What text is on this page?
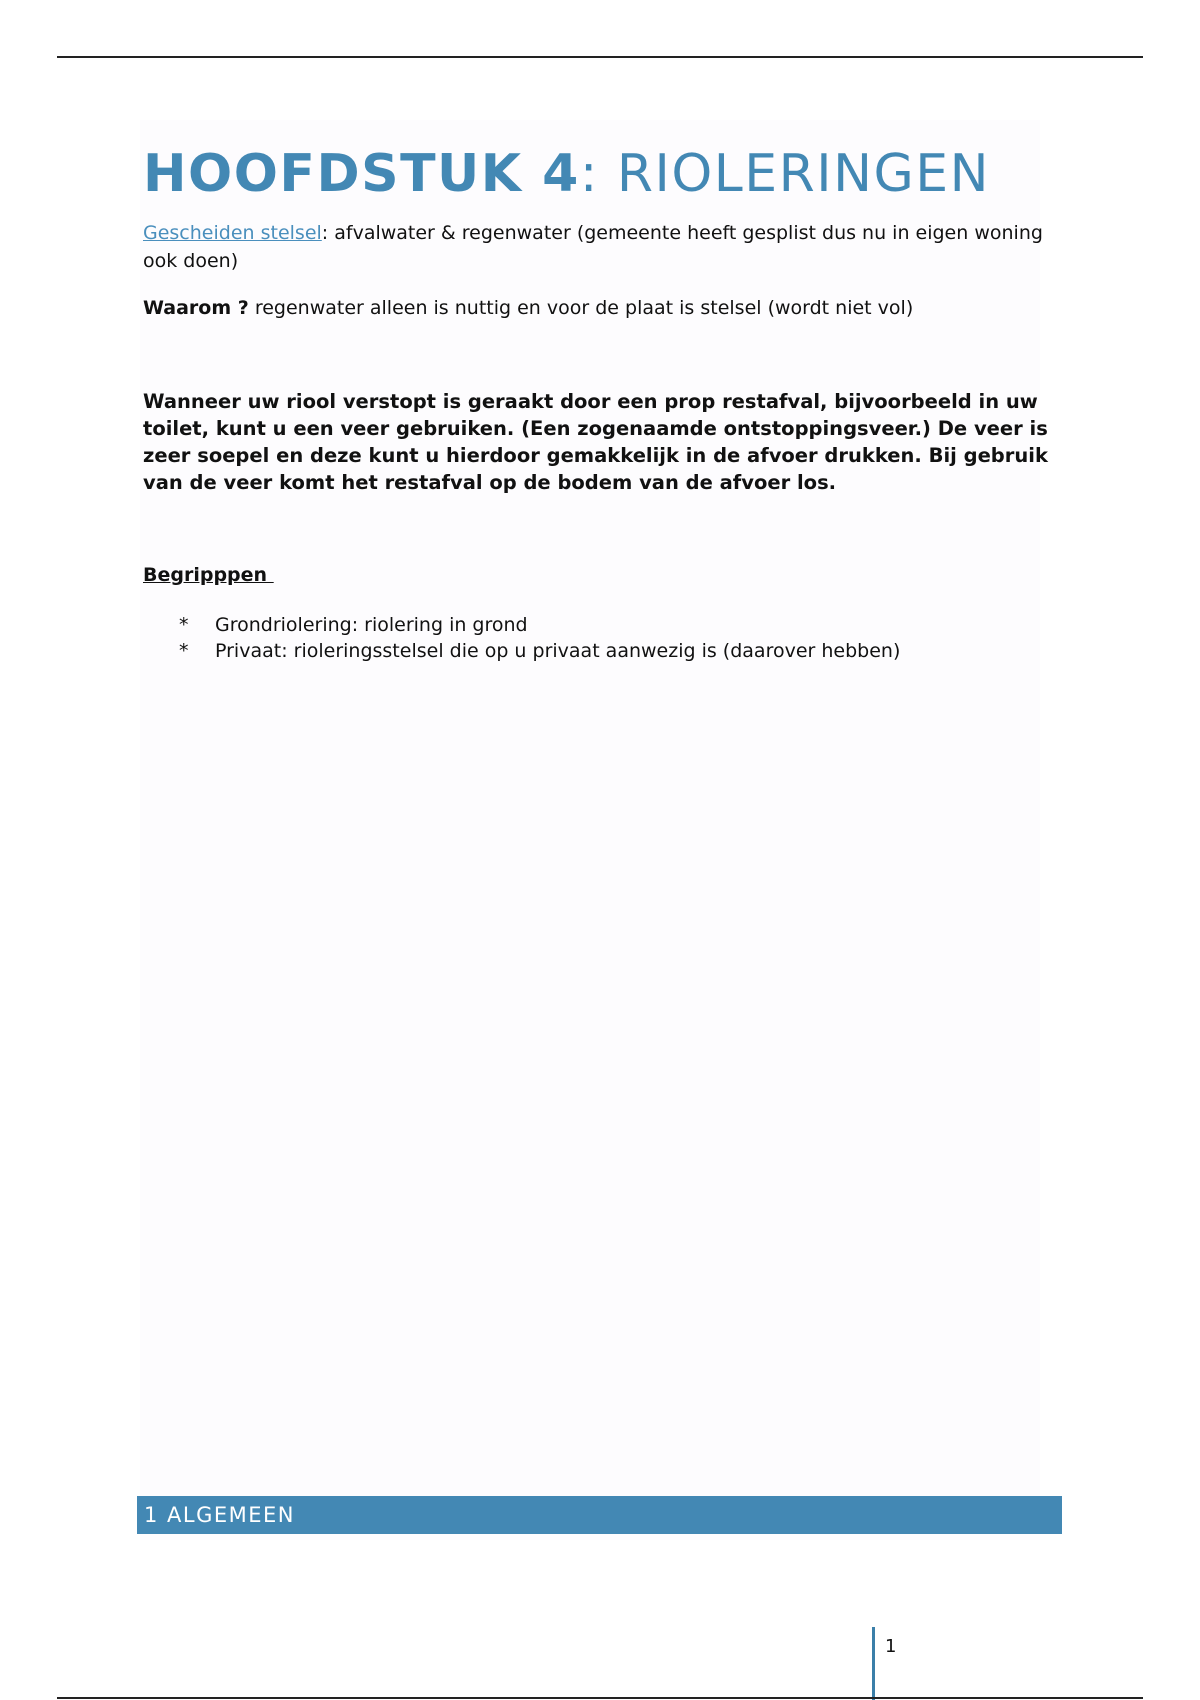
HOOFDSTUK 4: RIOLERINGEN

Gescheiden stelsel: afvalwater & regenwater (gemeente heeft gesplist dus nu in eigen woning ook doen)

Waarom ? regenwater alleen is nuttig en voor de plaat is stelsel (wordt niet vol)

Wanneer uw riool verstopt is geraakt door een prop restafval, bijvoorbeeld in uw toilet, kunt u een veer gebruiken. (Een zogenaamde ontstoppingsveer.) De veer is zeer soepel en deze kunt u hierdoor gemakkelijk in de afvoer drukken. Bij gebruik van de veer komt het restafval op de bodem van de afvoer los.

Begripppen
* Grondriolering: riolering in grond
* Privaat: rioleringsstelsel die op u privaat aanwezig is (daarover hebben)
1 ALGEMEEN
1
